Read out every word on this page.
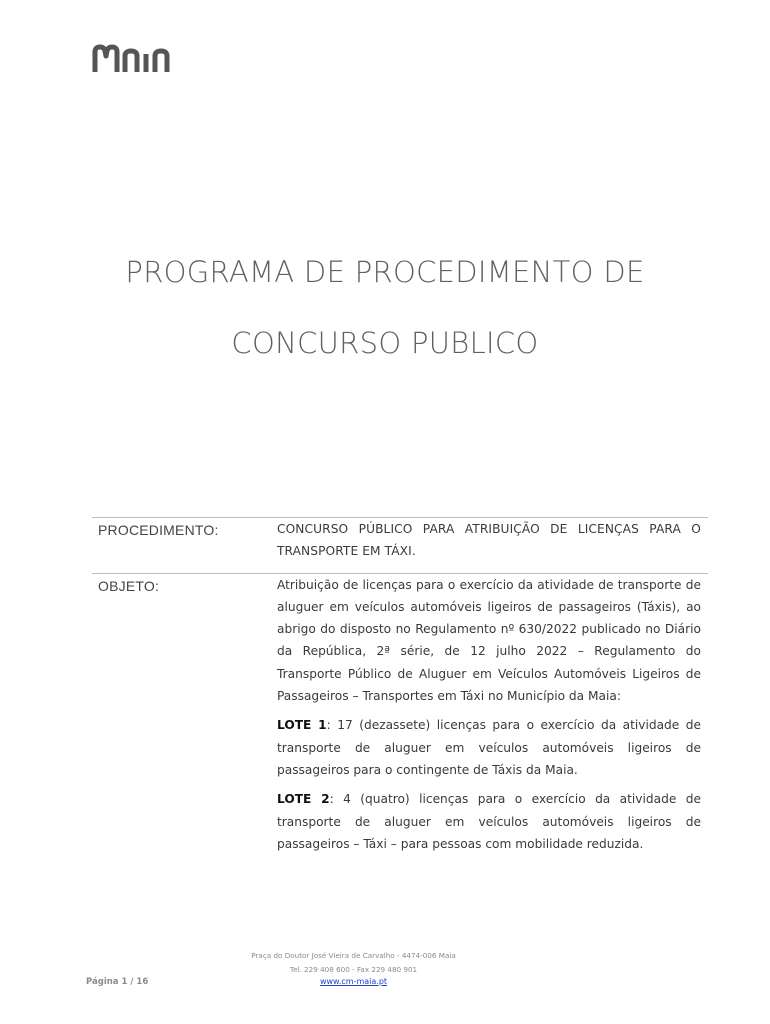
PROGRAMA DE PROCEDIMENTO DE
CONCURSO PUBLICO
PROCEDIMENTO:	CONCURSO PÚBLICO PARA ATRIBUIÇÃO DE LICENÇAS PARA O TRANSPORTE EM TÁXI.
OBJETO:	Atribuição de licenças para o exercício da atividade de transporte de aluguer em veículos automóveis ligeiros de passageiros (Táxis), ao abrigo do disposto no Regulamento nº 630/2022 publicado no Diário da República, 2ª série, de 12 julho 2022 – Regulamento do Transporte Público de Aluguer em Veículos Automóveis Ligeiros de Passageiros – Transportes em Táxi no Município da Maia:

LOTE 1: 17 (dezassete) licenças para o exercício da atividade de transporte de aluguer em veículos automóveis ligeiros de passageiros para o contingente de Táxis da Maia.

LOTE 2: 4 (quatro) licenças para o exercício da atividade de transporte de aluguer em veículos automóveis ligeiros de passageiros – Táxi – para pessoas com mobilidade reduzida.

Praça do Doutor José Vieira de Carvalho - 4474-006 Maia
Tel. 229 408 600 - Fax 229 480 901
Página 1 / 16	www.cm-maia.pt
